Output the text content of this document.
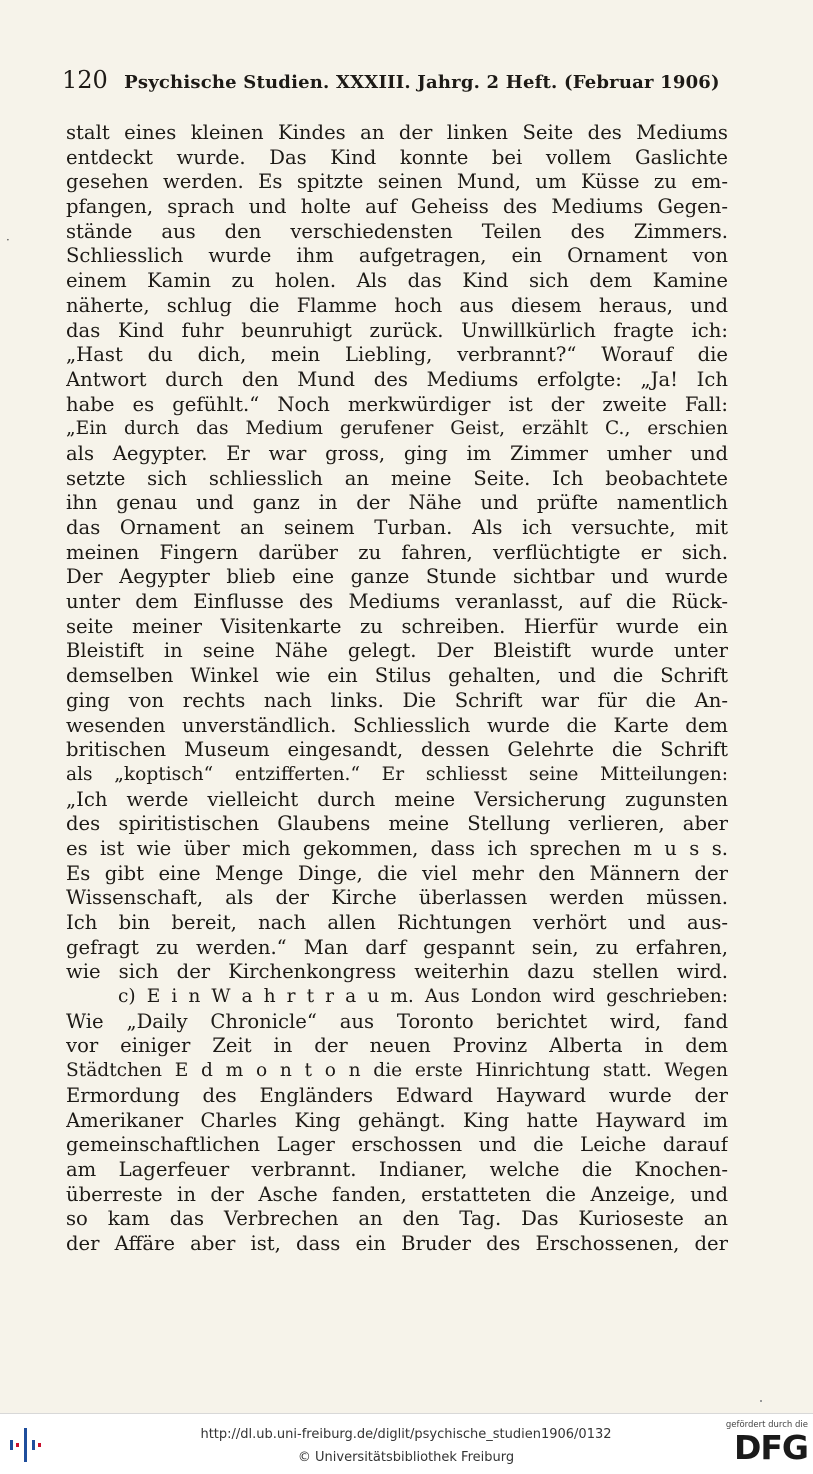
120 Psychische Studien. XXXIII. Jahrg. 2 Heft. (Februar 1906)
·
stalt eines kleinen Kindes an der linken Seite des Mediums
entdeckt wurde. Das Kind konnte bei vollem Gaslichte
gesehen werden. Es spitzte seinen Mund, um Küsse zu em-
pfangen, sprach und holte auf Geheiss des Mediums Gegen-
stände aus den verschiedensten Teilen des Zimmers.
Schliesslich wurde ihm aufgetragen, ein Ornament von
einem Kamin zu holen. Als das Kind sich dem Kamine
näherte, schlug die Flamme hoch aus diesem heraus, und
das Kind fuhr beunruhigt zurück. Unwillkürlich fragte ich:
„Hast du dich, mein Liebling, verbrannt?“ Worauf die
Antwort durch den Mund des Mediums erfolgte: „Ja! Ich
habe es gefühlt.“ Noch merkwürdiger ist der zweite Fall:
„Ein durch das Medium gerufener Geist, erzählt C., erschien
als Aegypter. Er war gross, ging im Zimmer umher und
setzte sich schliesslich an meine Seite. Ich beobachtete
ihn genau und ganz in der Nähe und prüfte namentlich
das Ornament an seinem Turban. Als ich versuchte, mit
meinen Fingern darüber zu fahren, verflüchtigte er sich.
Der Aegypter blieb eine ganze Stunde sichtbar und wurde
unter dem Einflusse des Mediums veranlasst, auf die Rück-
seite meiner Visitenkarte zu schreiben. Hierfür wurde ein
Bleistift in seine Nähe gelegt. Der Bleistift wurde unter
demselben Winkel wie ein Stilus gehalten, und die Schrift
ging von rechts nach links. Die Schrift war für die An-
wesenden unverständlich. Schliesslich wurde die Karte dem
britischen Museum eingesandt, dessen Gelehrte die Schrift
als „koptisch“ entzifferten.“ Er schliesst seine Mitteilungen:
„Ich werde vielleicht durch meine Versicherung zugunsten
des spiritistischen Glaubens meine Stellung verlieren, aber
es ist wie über mich gekommen, dass ich sprechen m u s s.
Es gibt eine Menge Dinge, die viel mehr den Männern der
Wissenschaft, als der Kirche überlassen werden müssen.
Ich bin bereit, nach allen Richtungen verhört und aus-
gefragt zu werden.“ Man darf gespannt sein, zu erfahren,
wie sich der Kirchenkongress weiterhin dazu stellen wird.
c) E i n W a h r t r a u m. Aus London wird geschrieben:
Wie „Daily Chronicle“ aus Toronto berichtet wird, fand
vor einiger Zeit in der neuen Provinz Alberta in dem
Städtchen E d m o n t o n die erste Hinrichtung statt. Wegen
Ermordung des Engländers Edward Hayward wurde der
Amerikaner Charles King gehängt. King hatte Hayward im
gemeinschaftlichen Lager erschossen und die Leiche darauf
am Lagerfeuer verbrannt. Indianer, welche die Knochen-
überreste in der Asche fanden, erstatteten die Anzeige, und
so kam das Verbrechen an den Tag. Das Kurioseste an
der Affäre aber ist, dass ein Bruder des Erschossenen, der
http://dl.ub.uni-freiburg.de/diglit/psychische_studien1906/0132
© Universitätsbibliothek Freiburg
gefördert durch die
DFG
